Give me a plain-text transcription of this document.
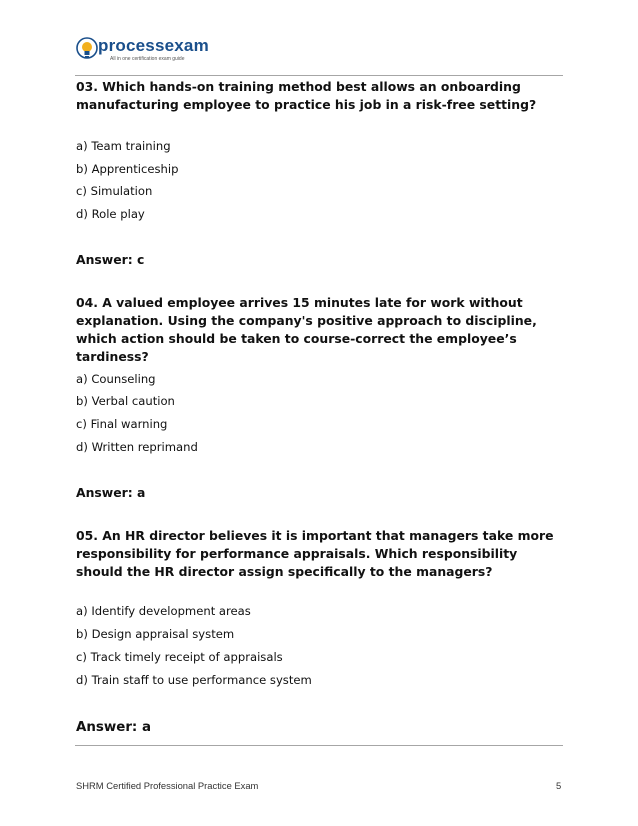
processexam
All in one certification exam guide
03. Which hands-on training method best allows an onboarding manufacturing employee to practice his job in a risk-free setting?
a) Team training
b) Apprenticeship
c) Simulation
d) Role play
Answer: c
04. A valued employee arrives 15 minutes late for work without explanation. Using the company's positive approach to discipline, which action should be taken to course-correct the employee’s tardiness?
a) Counseling
b) Verbal caution
c) Final warning
d) Written reprimand
Answer: a
05. An HR director believes it is important that managers take more responsibility for performance appraisals. Which responsibility should the HR director assign specifically to the managers?
a) Identify development areas
b) Design appraisal system
c) Track timely receipt of appraisals
d) Train staff to use performance system
Answer: a
SHRM Certified Professional Practice Exam	5
